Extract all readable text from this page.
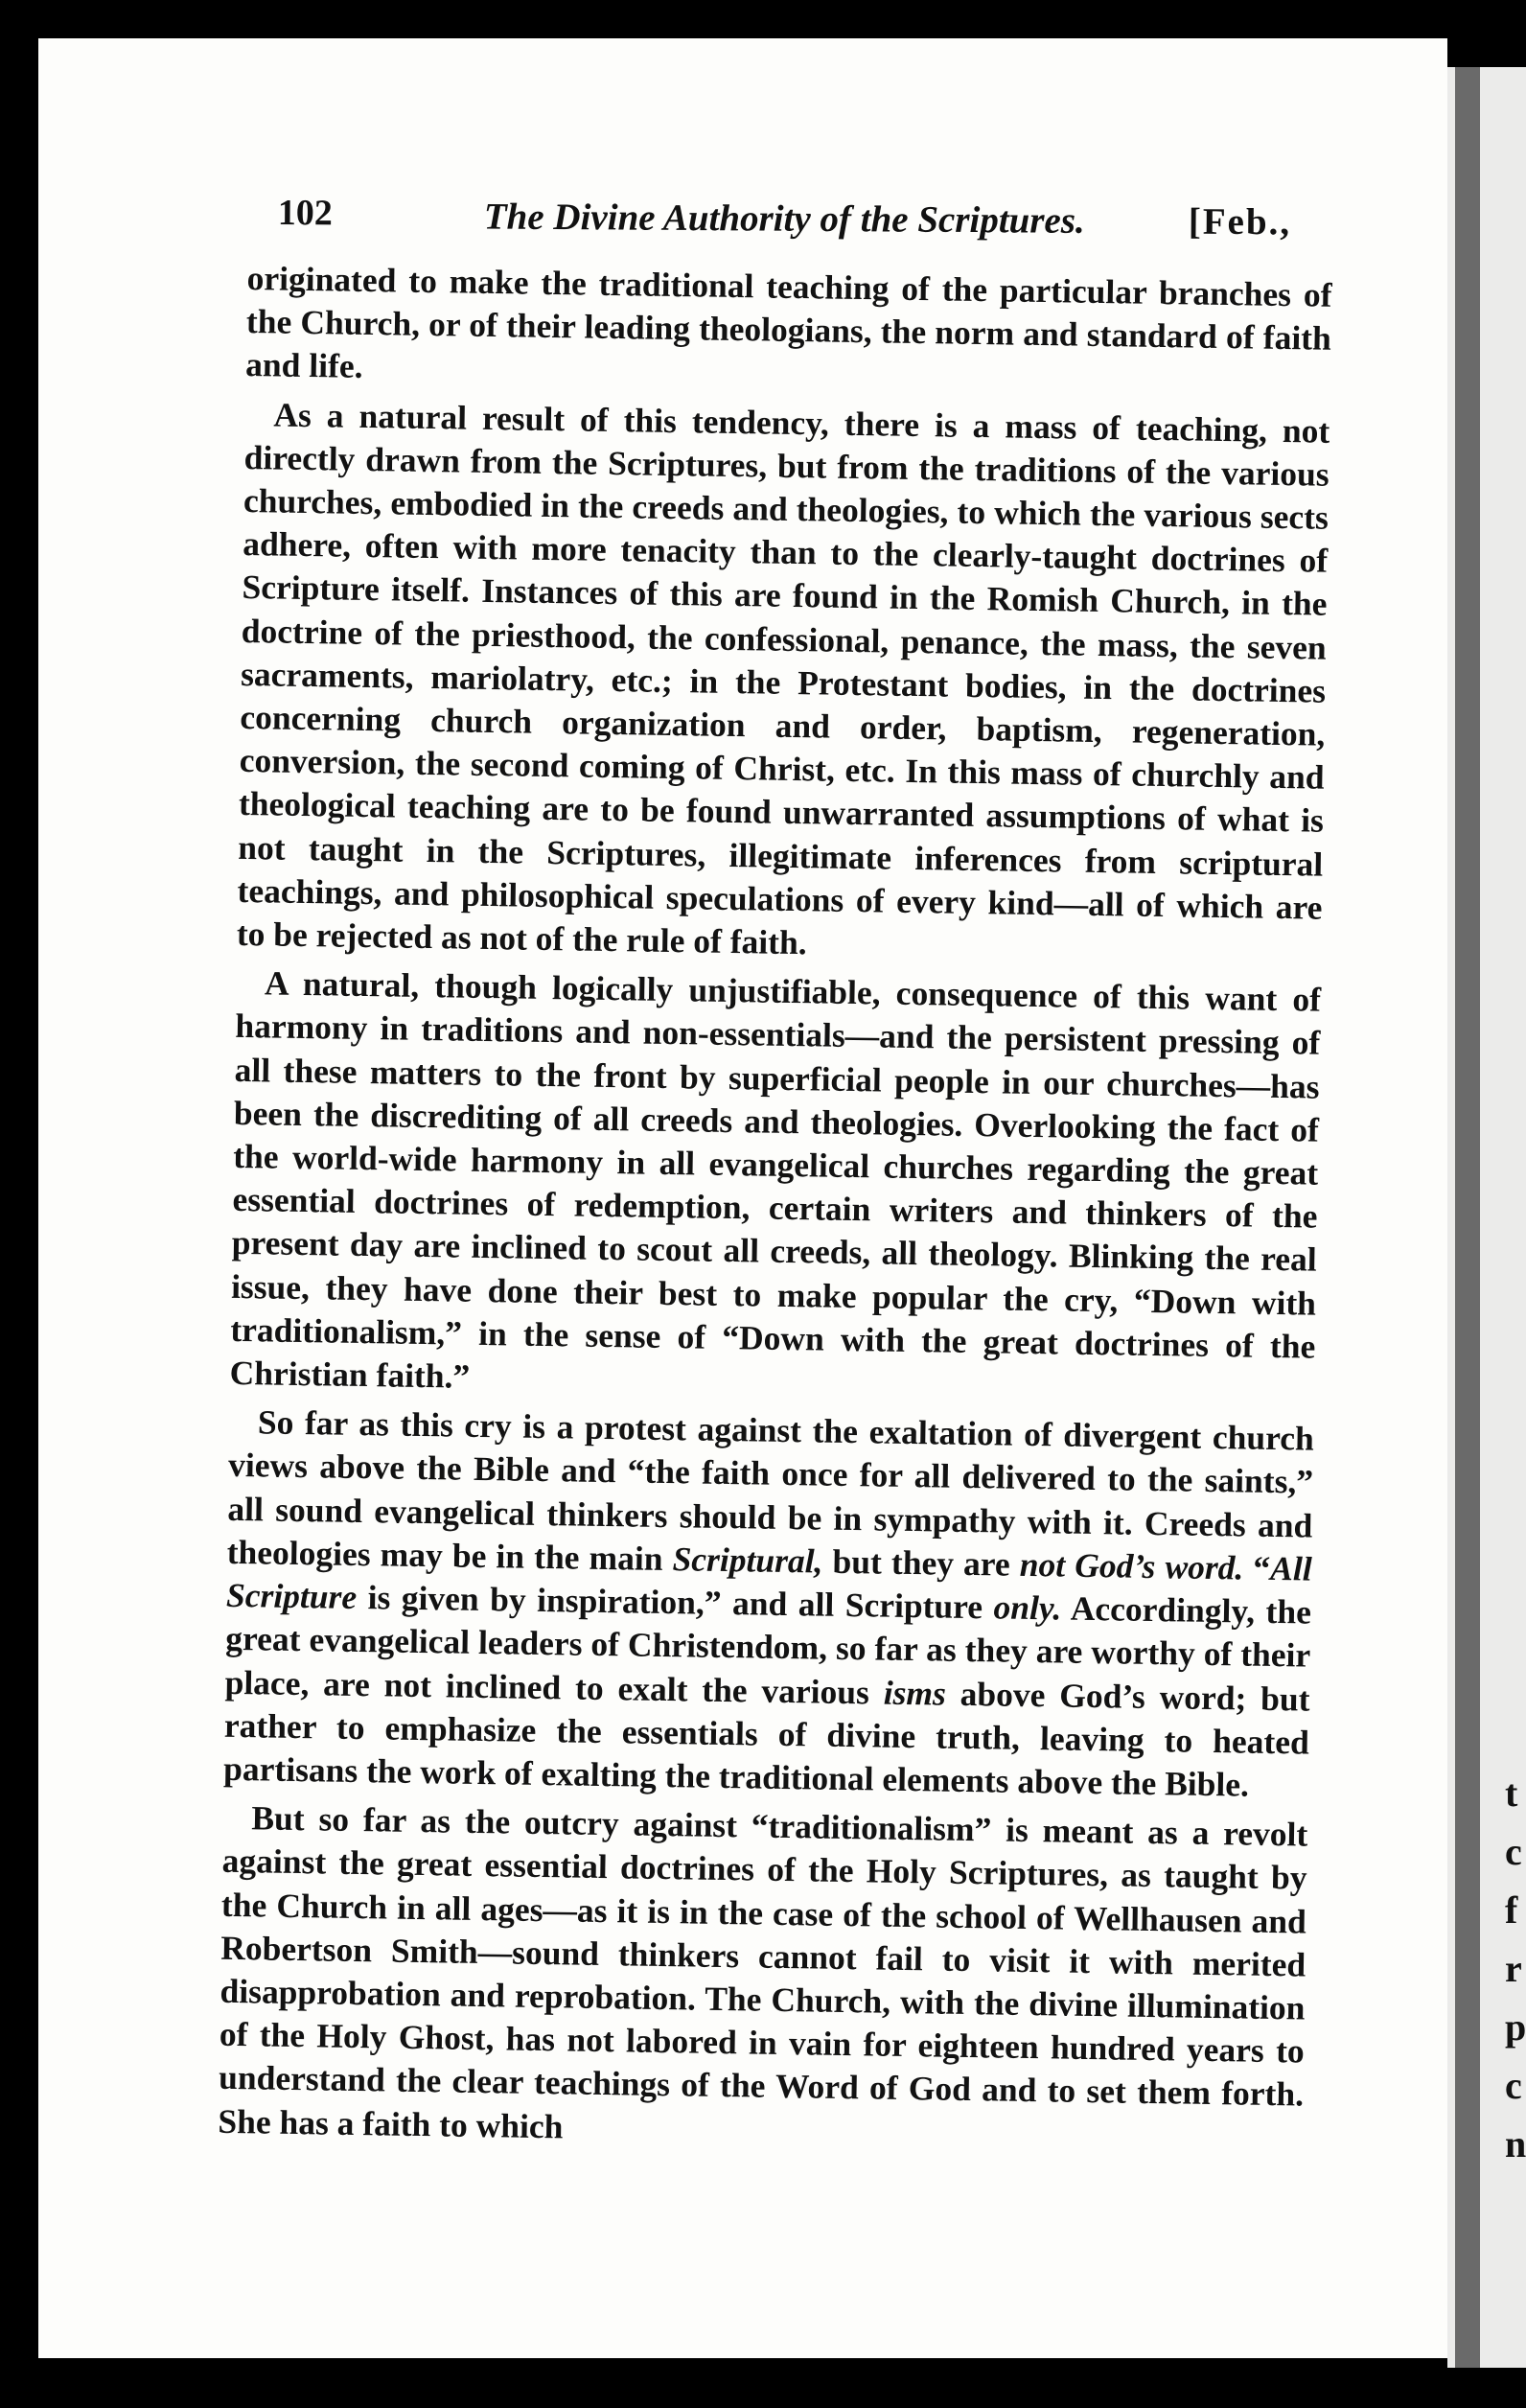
t
c
f
r
p
c
n
102	The Divine Authority of the Scriptures.	[Feb.,

originated to make the traditional teaching of the particular branches of the Church, or of their leading theologians, the norm and standard of faith and life.

As a natural result of this tendency, there is a mass of teaching, not directly drawn from the Scriptures, but from the traditions of the various churches, embodied in the creeds and theologies, to which the various sects adhere, often with more tenacity than to the clearly-taught doctrines of Scripture itself. Instances of this are found in the Romish Church, in the doctrine of the priesthood, the confessional, penance, the mass, the seven sacraments, mariolatry, etc.; in the Protestant bodies, in the doctrines concerning church organization and order, baptism, regeneration, conversion, the second coming of Christ, etc. In this mass of churchly and theological teaching are to be found unwarranted assumptions of what is not taught in the Scriptures, illegitimate inferences from scriptural teachings, and philosophical speculations of every kind—all of which are to be rejected as not of the rule of faith.

A natural, though logically unjustifiable, consequence of this want of harmony in traditions and non-essentials—and the persistent pressing of all these matters to the front by superficial people in our churches—has been the discrediting of all creeds and theologies. Overlooking the fact of the world-wide harmony in all evangelical churches regarding the great essential doctrines of redemption, certain writers and thinkers of the present day are inclined to scout all creeds, all theology. Blinking the real issue, they have done their best to make popular the cry, “Down with traditionalism,” in the sense of “Down with the great doctrines of the Christian faith.”

So far as this cry is a protest against the exaltation of divergent church views above the Bible and “the faith once for all delivered to the saints,” all sound evangelical thinkers should be in sympathy with it. Creeds and theologies may be in the main Scriptural, but they are not God’s word. “All Scripture is given by inspiration,” and all Scripture only. Accordingly, the great evangelical leaders of Christendom, so far as they are worthy of their place, are not inclined to exalt the various isms above God’s word; but rather to emphasize the essentials of divine truth, leaving to heated partisans the work of exalting the traditional elements above the Bible.

But so far as the outcry against “traditionalism” is meant as a revolt against the great essential doctrines of the Holy Scriptures, as taught by the Church in all ages—as it is in the case of the school of Wellhausen and Robertson Smith—sound thinkers cannot fail to visit it with merited disapprobation and reprobation. The Church, with the divine illumination of the Holy Ghost, has not labored in vain for eighteen hundred years to understand the clear teachings of the Word of God and to set them forth. She has a faith to which
